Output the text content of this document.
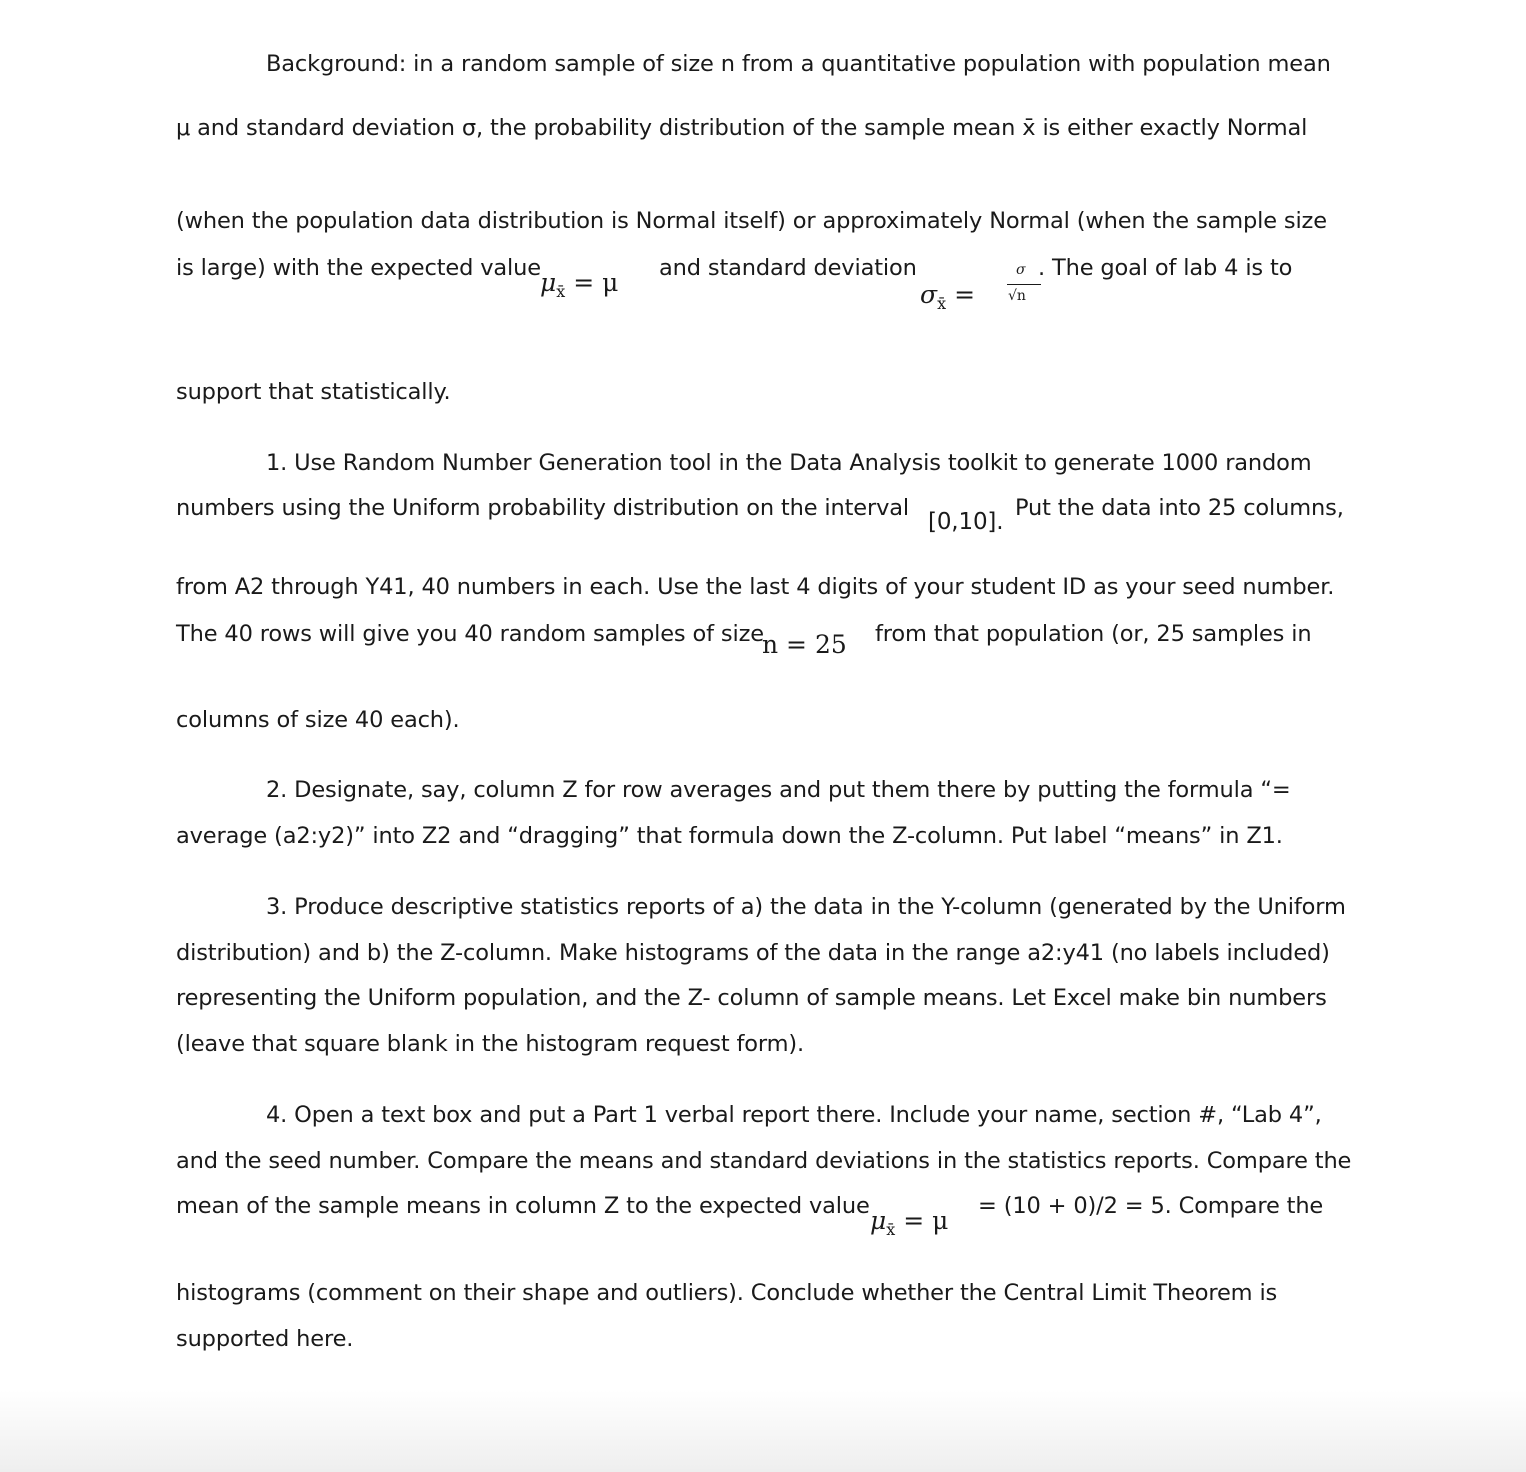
Background: in a random sample of size n from a quantitative population with population mean
μ and standard deviation σ, the probability distribution of the sample mean x̄ is either exactly Normal
(when the population data distribution is Normal itself) or approximately Normal (when the sample size
is large) with the expected value $\mu_{x̄} = \mu$ and standard deviation
$\sigma_{x̄}$ =
σ
√n
. The goal of lab 4 is to
support that statistically.
1. Use Random Number Generation tool in the Data Analysis toolkit to generate 1000 random
numbers using the Uniform probability distribution on the interval
[0,10].
Put the data into 25 columns,
from A2 through Y41, 40 numbers in each. Use the last 4 digits of your student ID as your seed number.
The 40 rows will give you 40 random samples of size
n = 25 from that population (or, 25 samples in
columns of size 40 each).
2. Designate, say, column Z for row averages and put them there by putting the formula “=
average (a2:y2)” into Z2 and “dragging” that formula down the Z-column. Put label “means” in Z1.
3. Produce descriptive statistics reports of a) the data in the Y-column (generated by the Uniform
distribution) and b) the Z-column. Make histograms of the data in the range a2:y41 (no labels included)
representing the Uniform population, and the Z- column of sample means. Let Excel make bin numbers
(leave that square blank in the histogram request form).
4. Open a text box and put a Part 1 verbal report there. Include your name, section #, “Lab 4”,
and the seed number. Compare the means and standard deviations in the statistics reports. Compare the
mean of the sample means in column Z to the expected value $\mu_{x̄} = \mu = (10 + 0)/2 = 5$. Compare the
histograms (comment on their shape and outliers). Conclude whether the Central Limit Theorem is
supported here.
